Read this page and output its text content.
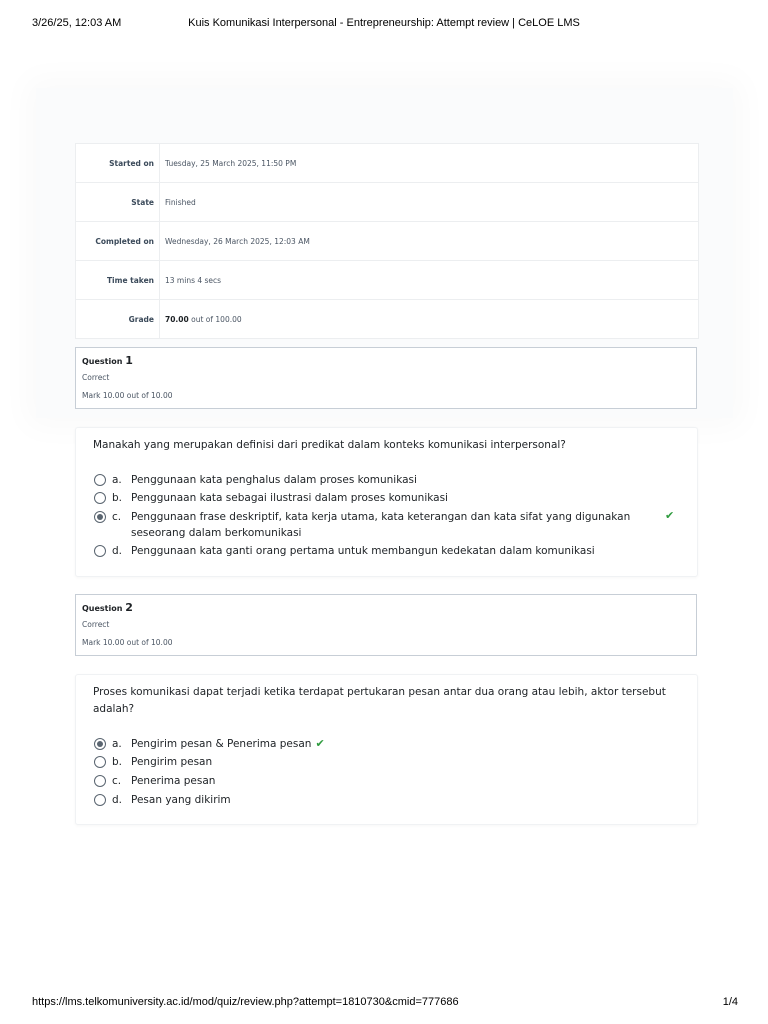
3/26/25, 12:03 AM	Kuis Komunikasi Interpersonal - Entrepreneurship: Attempt review | CeLOE LMS
Started on	Tuesday, 25 March 2025, 11:50 PM
State	Finished
Completed on	Wednesday, 26 March 2025, 12:03 AM
Time taken	13 mins 4 secs
Grade	70.00 out of 100.00
Question 1
Correct
Mark 10.00 out of 10.00
Manakah yang merupakan definisi dari predikat dalam konteks komunikasi interpersonal?
a. Penggunaan kata penghalus dalam proses komunikasi
b. Penggunaan kata sebagai ilustrasi dalam proses komunikasi
c. Penggunaan frase deskriptif, kata kerja utama, kata keterangan dan kata sifat yang digunakan seseorang dalam berkomunikasi
✔
d. Penggunaan kata ganti orang pertama untuk membangun kedekatan dalam komunikasi
Question 2
Correct
Mark 10.00 out of 10.00
Proses komunikasi dapat terjadi ketika terdapat pertukaran pesan antar dua orang atau lebih, aktor tersebut adalah?
a. Pengirim pesan & Penerima pesan ✔
b. Pengirim pesan
c. Penerima pesan
d. Pesan yang dikirim
https://lms.telkomuniversity.ac.id/mod/quiz/review.php?attempt=1810730&cmid=777686	1/4
